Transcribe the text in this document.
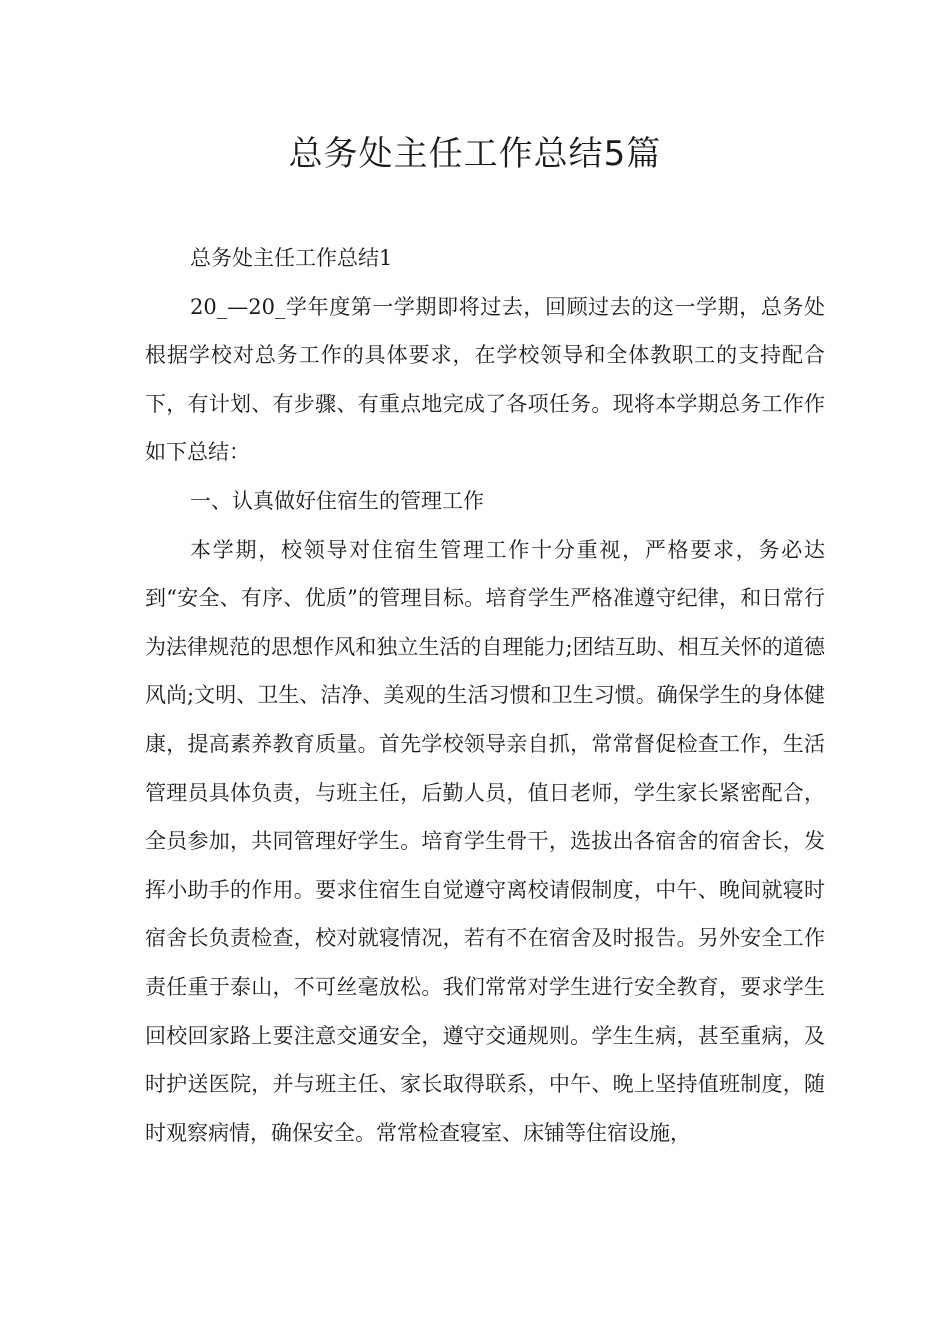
总务处主任工作总结5篇

总务处主任工作总结1

20_—20_学年度第一学期即将过去，回顾过去的这一学期，总务处根据学校对总务工作的具体要求，在学校领导和全体教职工的支持配合下，有计划、有步骤、有重点地完成了各项任务。现将本学期总务工作作如下总结：

一、认真做好住宿生的管理工作

本学期，校领导对住宿生管理工作十分重视，严格要求，务必达到“安全、有序、优质”的管理目标。培育学生严格准遵守纪律，和日常行为法律规范的思想作风和独立生活的自理能力;团结互助、相互关怀的道德风尚;文明、卫生、洁净、美观的生活习惯和卫生习惯。确保学生的身体健康，提高素养教育质量。首先学校领导亲自抓，常常督促检查工作，生活管理员具体负责，与班主任，后勤人员，值日老师，学生家长紧密配合，全员参加，共同管理好学生。培育学生骨干，选拔出各宿舍的宿舍长，发挥小助手的作用。要求住宿生自觉遵守离校请假制度，中午、晚间就寝时宿舍长负责检查，校对就寝情况，若有不在宿舍及时报告。另外安全工作责任重于泰山，不可丝毫放松。我们常常对学生进行安全教育，要求学生回校回家路上要注意交通安全，遵守交通规则。学生生病，甚至重病，及时护送医院，并与班主任、家长取得联系，中午、晚上坚持值班制度，随时观察病情，确保安全。常常检查寝室、床铺等住宿设施，
